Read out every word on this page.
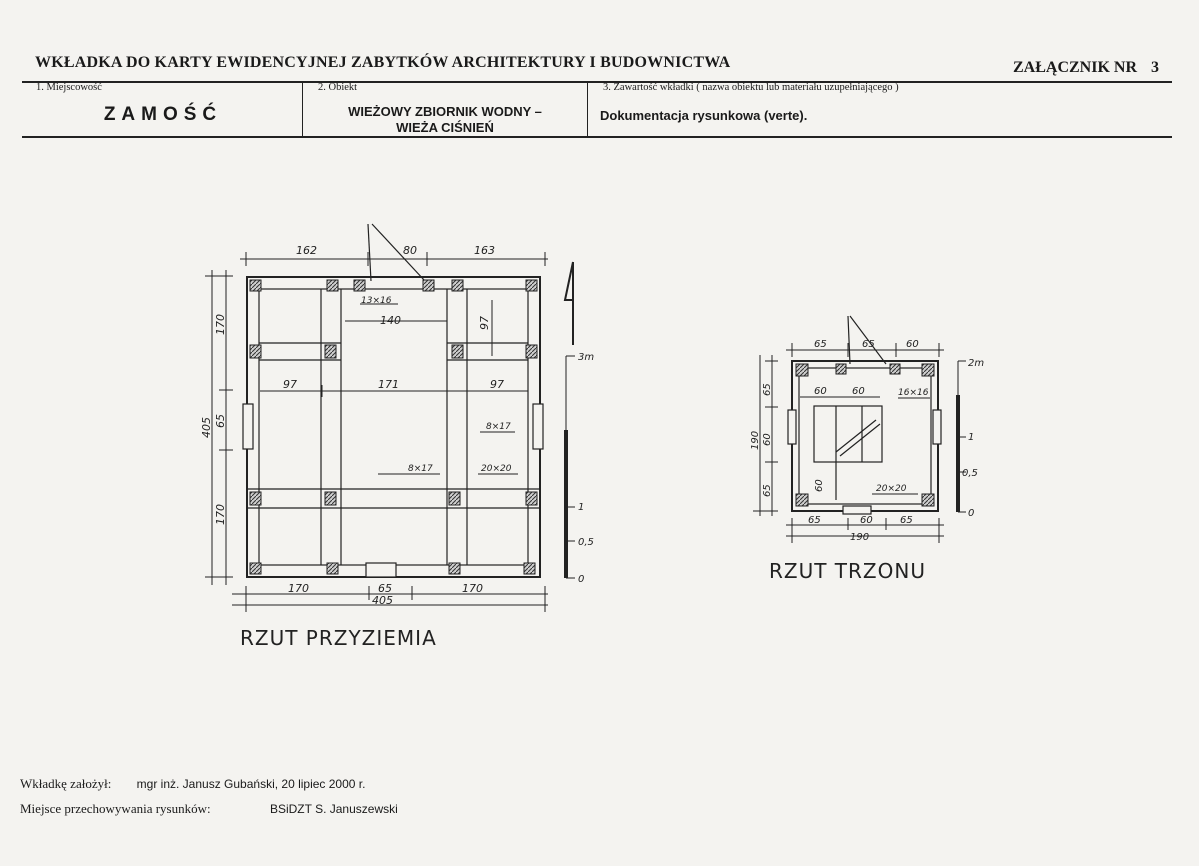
WKŁADKA DO KARTY EWIDENCYJNEJ ZABYTKÓW ARCHITEKTURY I BUDOWNICTWA	ZAŁĄCZNIK NR 3
1. Miejscowość	2. Obiekt	3. Zawartość wkładki ( nazwa obiektu lub materiału uzupełniającego )
ZAMOŚĆ	WIEŻOWY ZBIORNIK WODNY –
WIEŻA CIŚNIEŃ
Dokumentacja rysunkowa (verte).
162	80	163
170	65	170
405
170
65
170
405
140
97	171	97
97
13×16
8×17
8×17
20×20
3m
1
0,5
0
RZUT PRZYZIEMIA
65	65	60
60	60	16×16
65
60
65
190
60	20×20
65	60	65
190
2m
1
0,5
0
RZUT TRZONU
Wkładkę założył: mgr inż. Janusz Gubański, 20 lipiec 2000 r.
Miejsce przechowywania rysunków:	BSiDZT S. Januszewski
